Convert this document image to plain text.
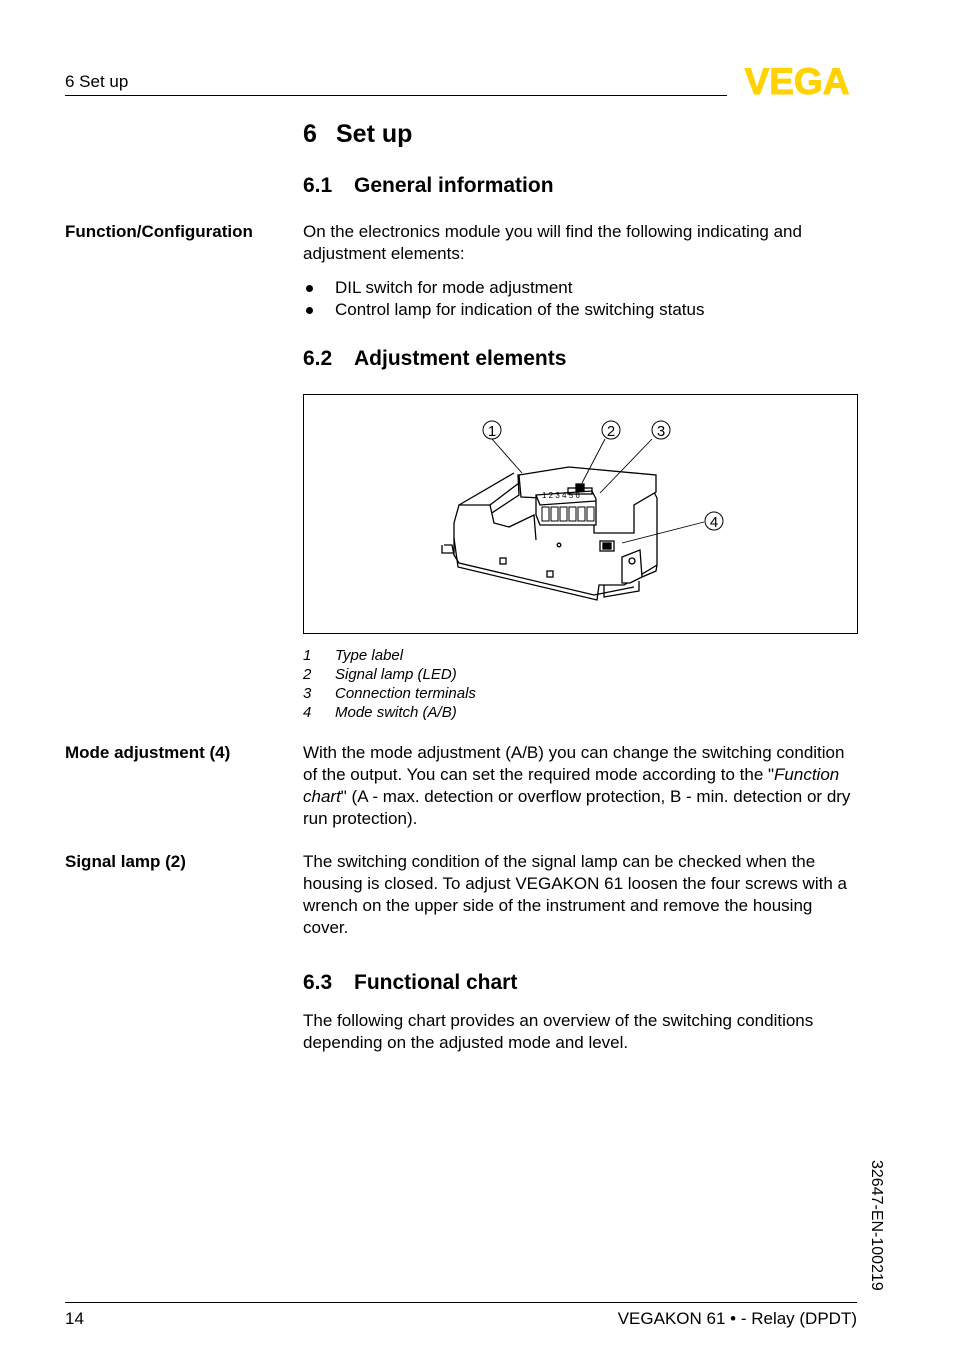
6 Set up	VEGA
6 Set up
6.1 General information
Function/Configuration	On the electronics module you will find the following indicating and adjustment elements:
DIL switch for mode adjustment
Control lamp for indication of the switching status
6.2 Adjustment elements
1 2 3 4 5 6
1	2	3
4
1 Type label
2 Signal lamp (LED)
3 Connection terminals
4 Mode switch (A/B)
Mode adjustment (4)	With the mode adjustment (A/B) you can change the switching condition of the output. You can set the required mode according to the "Function chart" (A - max. detection or overflow protection, B - min. detection or dry run protection).
Signal lamp (2)	The switching condition of the signal lamp can be checked when the housing is closed. To adjust VEGAKON 61 loosen the four screws with a wrench on the upper side of the instrument and remove the housing cover.
6.3 Functional chart
The following chart provides an overview of the switching conditions depending on the adjusted mode and level.
32647-EN-100219
14	VEGAKON 61 • - Relay (DPDT)
